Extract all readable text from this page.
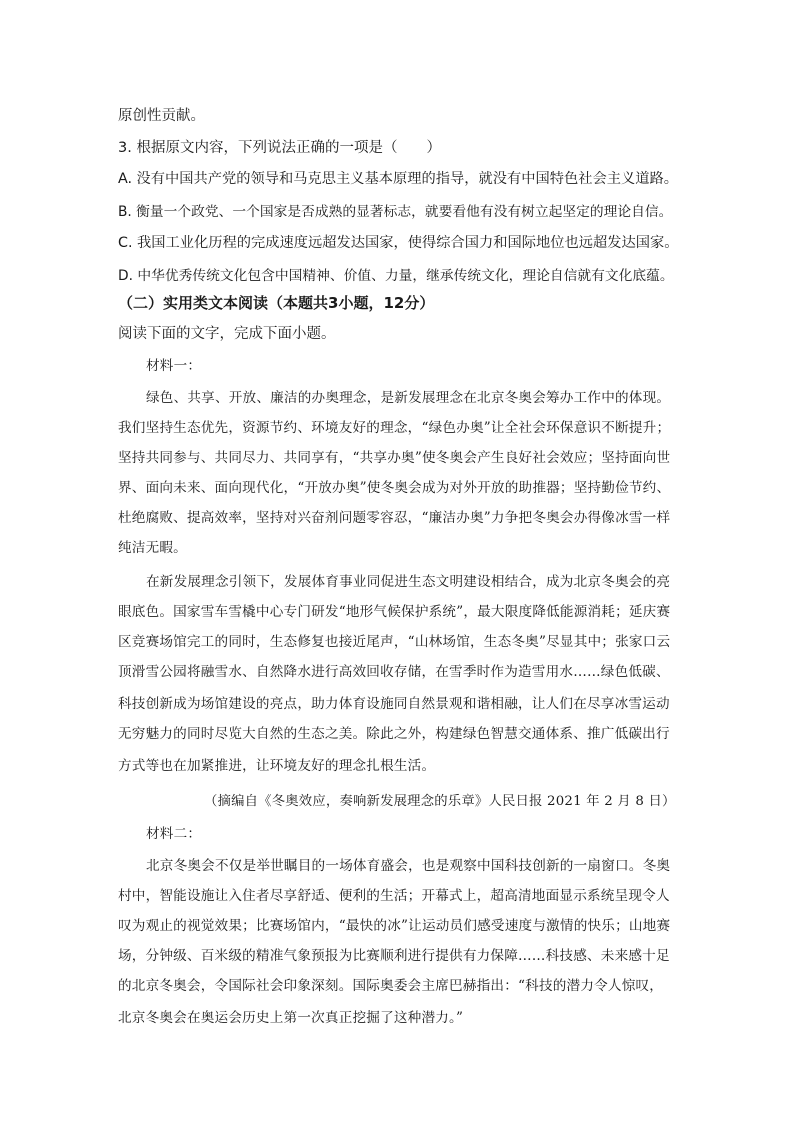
原创性贡献。
3. 根据原文内容，下列说法正确的一项是（　　）
A. 没有中国共产党的领导和马克思主义基本原理的指导，就没有中国特色社会主义道路。
B. 衡量一个政党、一个国家是否成熟的显著标志，就要看他有没有树立起坚定的理论自信。
C. 我国工业化历程的完成速度远超发达国家，使得综合国力和国际地位也远超发达国家。
D. 中华优秀传统文化包含中国精神、价值、力量，继承传统文化，理论自信就有文化底蕴。
（二）实用类文本阅读（本题共3小题，12分）
阅读下面的文字，完成下面小题。
材料一：
绿色、共享、开放、廉洁的办奥理念，是新发展理念在北京冬奥会筹办工作中的体现。
我们坚持生态优先，资源节约、环境友好的理念，“绿色办奥”让全社会环保意识不断提升；
坚持共同参与、共同尽力、共同享有，“共享办奥”使冬奥会产生良好社会效应；坚持面向世
界、面向未来、面向现代化，“开放办奥”使冬奥会成为对外开放的助推器；坚持勤俭节约、
杜绝腐败、提高效率，坚持对兴奋剂问题零容忍，“廉洁办奥”力争把冬奥会办得像冰雪一样
纯洁无暇。
在新发展理念引领下，发展体育事业同促进生态文明建设相结合，成为北京冬奥会的亮
眼底色。国家雪车雪橇中心专门研发“地形气候保护系统”，最大限度降低能源消耗；延庆赛
区竞赛场馆完工的同时，生态修复也接近尾声，“山林场馆，生态冬奥”尽显其中；张家口云
顶滑雪公园将融雪水、自然降水进行高效回收存储，在雪季时作为造雪用水……绿色低碳、
科技创新成为场馆建设的亮点，助力体育设施同自然景观和谐相融，让人们在尽享冰雪运动
无穷魅力的同时尽览大自然的生态之美。除此之外，构建绿色智慧交通体系、推广低碳出行
方式等也在加紧推进，让环境友好的理念扎根生活。
（摘编自《冬奥效应，奏响新发展理念的乐章》人民日报 2021 年 2 月 8 日）
材料二：
北京冬奥会不仅是举世瞩目的一场体育盛会，也是观察中国科技创新的一扇窗口。冬奥
村中，智能设施让入住者尽享舒适、便利的生活；开幕式上，超高清地面显示系统呈现令人
叹为观止的视觉效果；比赛场馆内，“最快的冰”让运动员们感受速度与激情的快乐；山地赛
场，分钟级、百米级的精准气象预报为比赛顺利进行提供有力保障……科技感、未来感十足
的北京冬奥会，令国际社会印象深刻。国际奥委会主席巴赫指出：“科技的潜力令人惊叹，
北京冬奥会在奥运会历史上第一次真正挖掘了这种潜力。”
